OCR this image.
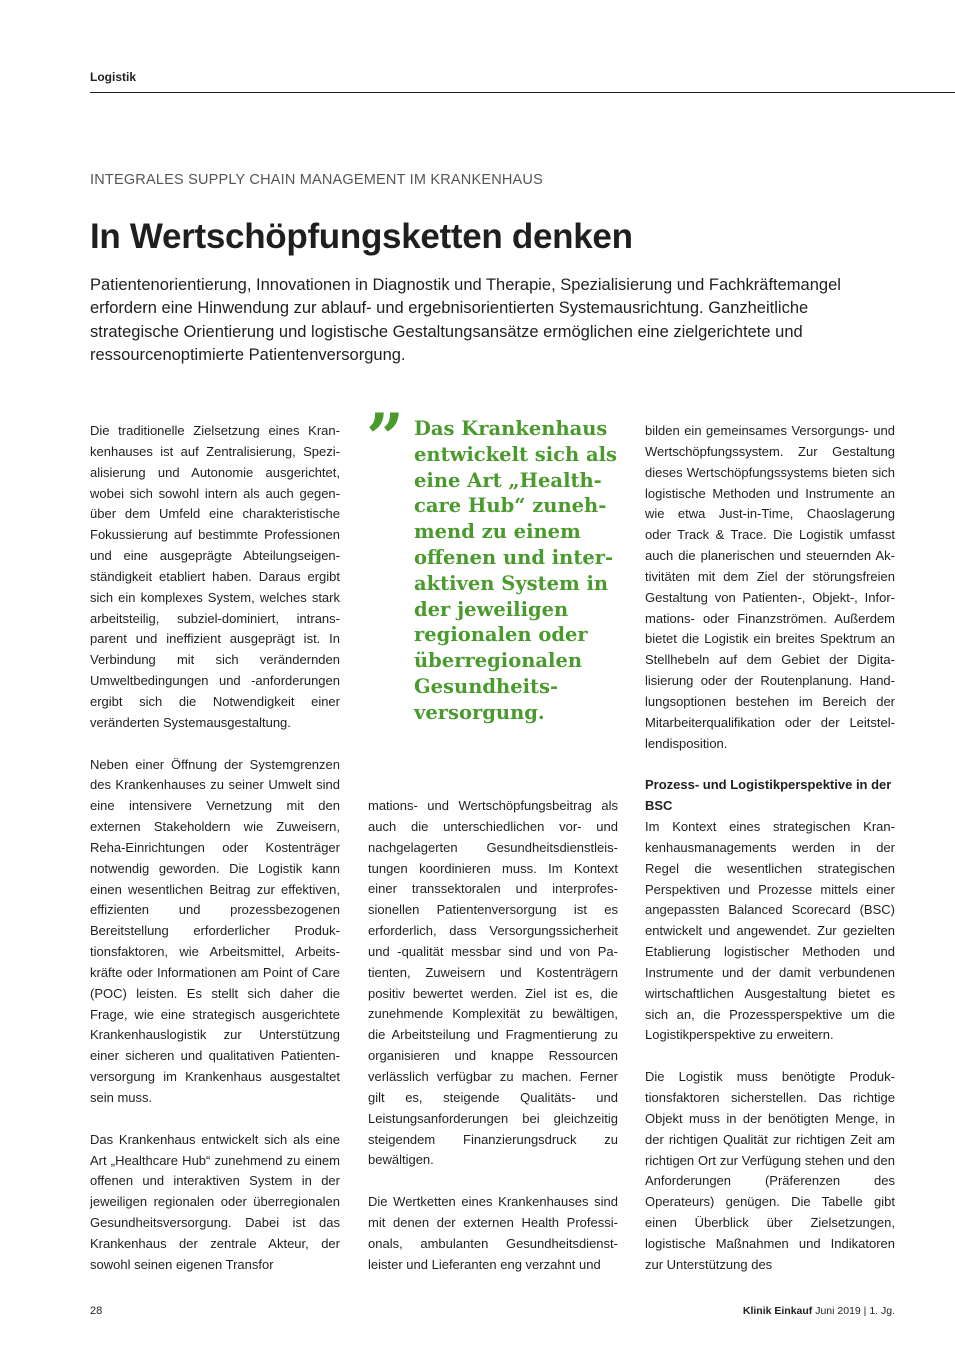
Logistik
INTEGRALES SUPPLY CHAIN MANAGEMENT IM KRANKENHAUS
In Wertschöpfungsketten denken
Patientenorientierung, Innovationen in Diagnostik und Therapie, Spezialisierung und Fachkräftemangel erfordern eine Hinwendung zur ablauf- und ergebnisorientierten Systemausrichtung. Ganzheitliche strategische Orientierung und logistische Gestaltungsansätze ermöglichen eine zielgerichtete und ressourcenoptimierte Patientenversorgung.

Die traditionelle Zielsetzung eines Krankenhauses ist auf Zentralisierung, Spezialisierung und Autonomie ausgerichtet, wobei sich sowohl intern als auch gegenüber dem Umfeld eine charakteristische Fokussierung auf bestimmte Professionen und eine ausgeprägte Abteilungseigenständigkeit etabliert haben. Daraus ergibt sich ein komplexes System, welches stark arbeitsteilig, subziel-dominiert, intransparent und ineffizient ausgeprägt ist. In Verbindung mit sich verändernden Umweltbedingungen und -anforderungen ergibt sich die Notwendigkeit einer veränderten Systemausgestaltung.

Neben einer Öffnung der Systemgrenzen des Krankenhauses zu seiner Umwelt sind eine intensivere Vernetzung mit den externen Stakeholdern wie Zuweisern, Reha-Einrichtungen oder Kostenträger notwendig geworden. Die Logistik kann einen wesentlichen Beitrag zur effektiven, effizienten und prozessbezogenen Bereitstellung erforderlicher Produktionsfaktoren, wie Arbeitsmittel, Arbeitskräfte oder Informationen am Point of Care (POC) leisten. Es stellt sich daher die Frage, wie eine strategisch ausgerichtete Krankenhauslogistik zur Unterstützung einer sicheren und qualitativen Patientenversorgung im Krankenhaus ausgestaltet sein muss.

Das Krankenhaus entwickelt sich als eine Art „Healthcare Hub“ zunehmend zu einem offenen und interaktiven System in der jeweiligen regionalen oder überregionalen Gesundheitsversorgung. Dabei ist das Krankenhaus der zentrale Akteur, der sowohl seinen eigenen Transfor

” Das Krankenhaus entwickelt sich als eine Art „Healthcare Hub“ zunehmend zu einem offenen und interaktiven System in der jeweiligen regionalen oder überregionalen Gesundheitsversorgung.

mations- und Wertschöpfungsbeitrag als auch die unterschiedlichen vor- und nachgelagerten Gesundheitsdienstleistungen koordinieren muss. Im Kontext einer transsektoralen und interprofessionellen Patientenversorgung ist es erforderlich, dass Versorgungssicherheit und -qualität messbar sind und von Patienten, Zuweisern und Kostenträgern positiv bewertet werden. Ziel ist es, die zunehmende Komplexität zu bewältigen, die Arbeitsteilung und Fragmentierung zu organisieren und knappe Ressourcen verlässlich verfügbar zu machen. Ferner gilt es, steigende Qualitäts- und Leistungsanforderungen bei gleichzeitig steigendem Finanzierungsdruck zu bewältigen.

Die Wertketten eines Krankenhauses sind mit denen der externen Health Professionals, ambulanten Gesundheitsdienstleister und Lieferanten eng verzahnt und

bilden ein gemeinsames Versorgungs- und Wertschöpfungssystem. Zur Gestaltung dieses Wertschöpfungssystems bieten sich logistische Methoden und Instrumente an wie etwa Just-in-Time, Chaoslagerung oder Track & Trace. Die Logistik umfasst auch die planerischen und steuernden Aktivitäten mit dem Ziel der störungsfreien Gestaltung von Patienten-, Objekt-, Informations- oder Finanzströmen. Außerdem bietet die Logistik ein breites Spektrum an Stellhebeln auf dem Gebiet der Digitalisierung oder der Routenplanung. Handlungsoptionen bestehen im Bereich der Mitarbeiterqualifikation oder der Leitstellendisposition.

Prozess- und Logistikperspektive in der BSC

Im Kontext eines strategischen Krankenhausmanagements werden in der Regel die wesentlichen strategischen Perspektiven und Prozesse mittels einer angepassten Balanced Scorecard (BSC) entwickelt und angewendet. Zur gezielten Etablierung logistischer Methoden und Instrumente und der damit verbundenen wirtschaftlichen Ausgestaltung bietet es sich an, die Prozessperspektive um die Logistikperspektive zu erweitern.

Die Logistik muss benötigte Produktionsfaktoren sicherstellen. Das richtige Objekt muss in der benötigten Menge, in der richtigen Qualität zur richtigen Zeit am richtigen Ort zur Verfügung stehen und den Anforderungen (Präferenzen des Operateurs) genügen. Die Tabelle gibt einen Überblick über Zielsetzungen, logistische Maßnahmen und Indikatoren zur Unterstützung des

28	Klinik Einkauf Juni 2019 | 1. Jg.
